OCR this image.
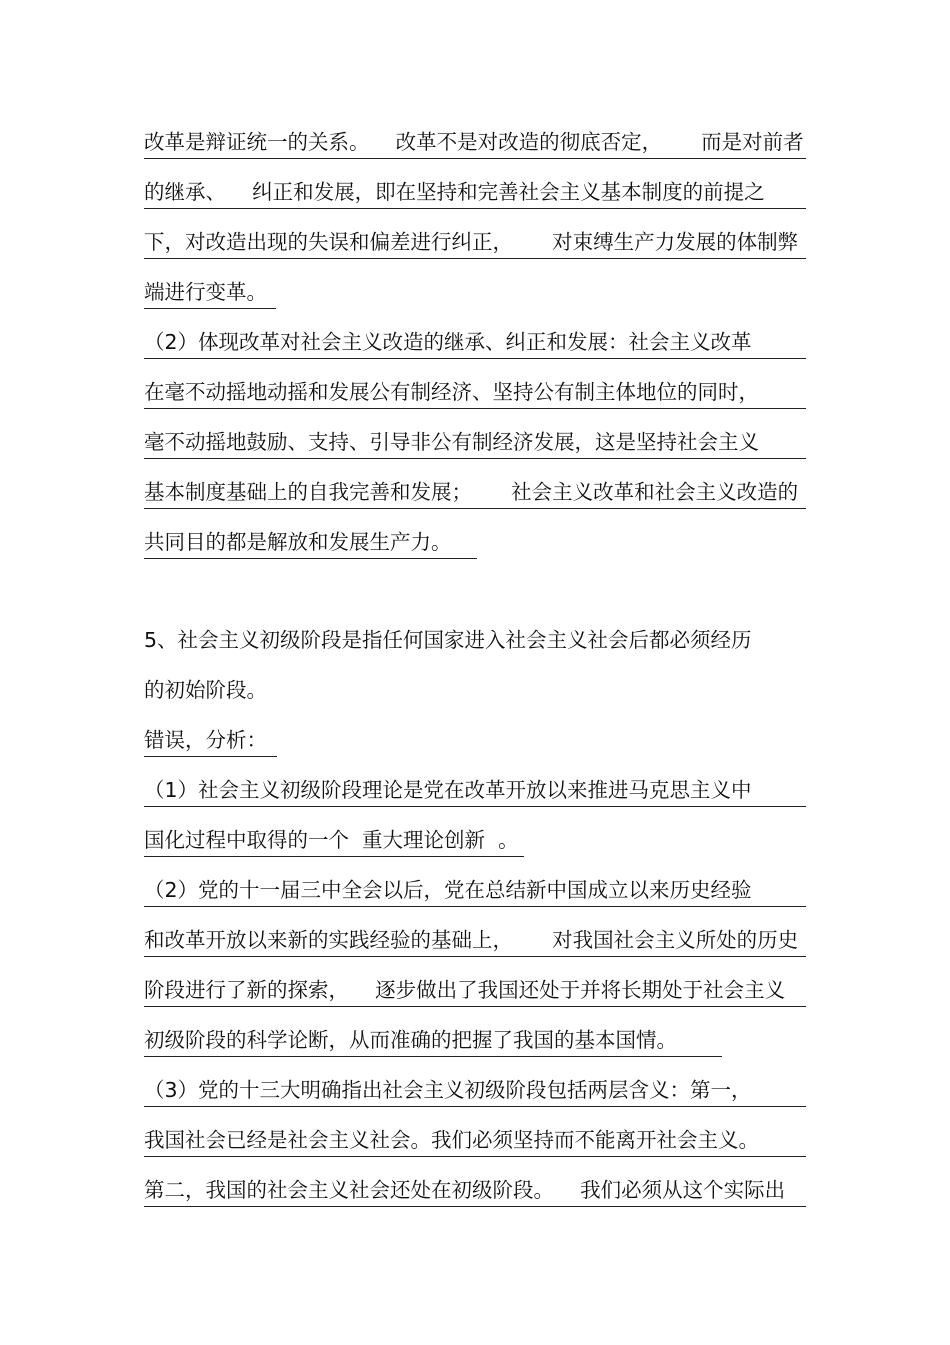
改革是辩证统一的关系。    改革不是对改造的彻底否定，      而是对前者
的继承、    纠正和发展，即在坚持和完善社会主义基本制度的前提之
下，对改造出现的失误和偏差进行纠正，      对束缚生产力发展的体制弊
端进行变革。
（2）体现改革对社会主义改造的继承、纠正和发展：社会主义改革
在毫不动摇地动摇和发展公有制经济、坚持公有制主体地位的同时，
毫不动摇地鼓励、支持、引导非公有制经济发展，这是坚持社会主义
基本制度基础上的自我完善和发展；      社会主义改革和社会主义改造的
共同目的都是解放和发展生产力。
5、社会主义初级阶段是指任何国家进入社会主义社会后都必须经历
的初始阶段。
错误，分析：
（1）社会主义初级阶段理论是党在改革开放以来推进马克思主义中
国化过程中取得的一个  重大理论创新  。
（2）党的十一届三中全会以后，党在总结新中国成立以来历史经验
和改革开放以来新的实践经验的基础上，      对我国社会主义所处的历史
阶段进行了新的探索，    逐步做出了我国还处于并将长期处于社会主义
初级阶段的科学论断，从而准确的把握了我国的基本国情。
（3）党的十三大明确指出社会主义初级阶段包括两层含义：第一，
我国社会已经是社会主义社会。我们必须坚持而不能离开社会主义。
第二，我国的社会主义社会还处在初级阶段。    我们必须从这个实际出
